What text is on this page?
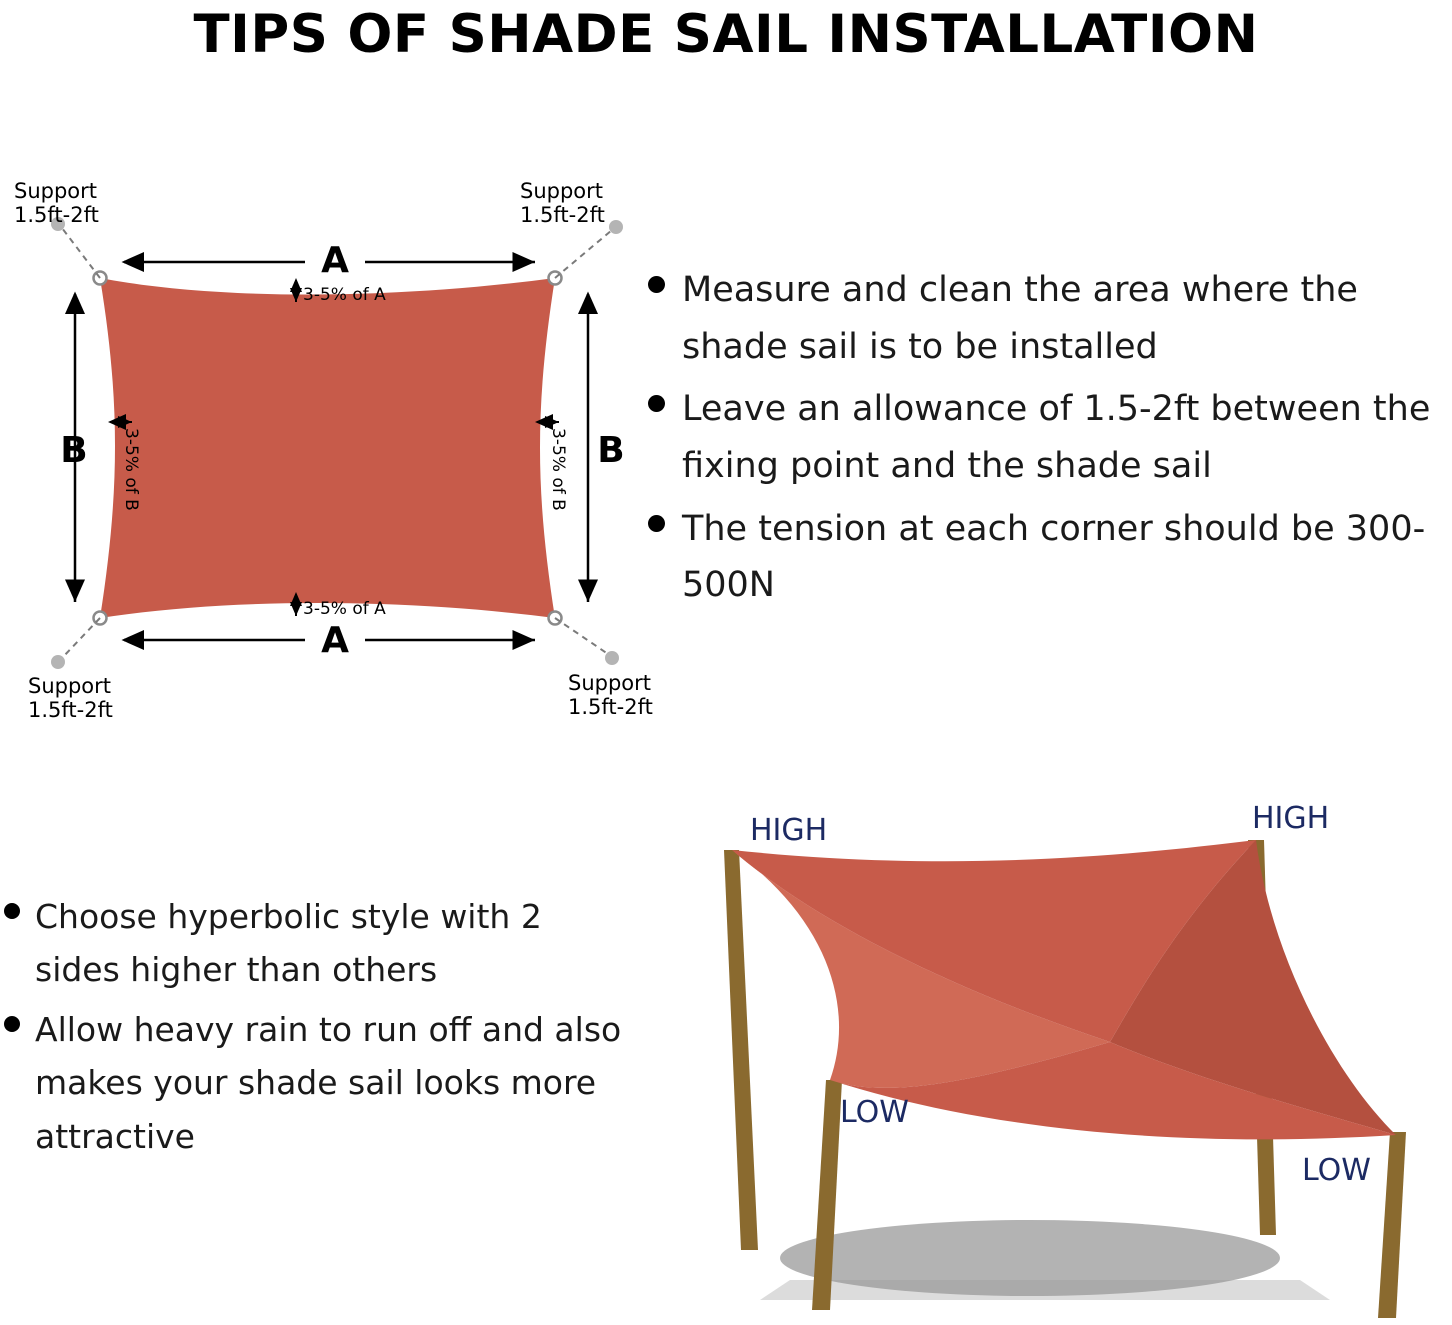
TIPS OF SHADE SAIL INSTALLATION
A
3-5% of A
A
3-5% of A
B 3-5% of B	B
3-5% of B
Support
1.5ft-2ft
Support
1.5ft-2ft
Support
1.5ft-2ft
Support
1.5ft-2ft
Measure and clean the area where the shade sail is to be installed
Leave an allowance of 1.5-2ft between the fixing point and the shade sail
The tension at each corner should be 300-500N
Choose hyperbolic style with 2 sides higher than others
Allow heavy rain to run off and also makes your shade sail looks more attractive
HIGH	HIGH
LOW
LOW
